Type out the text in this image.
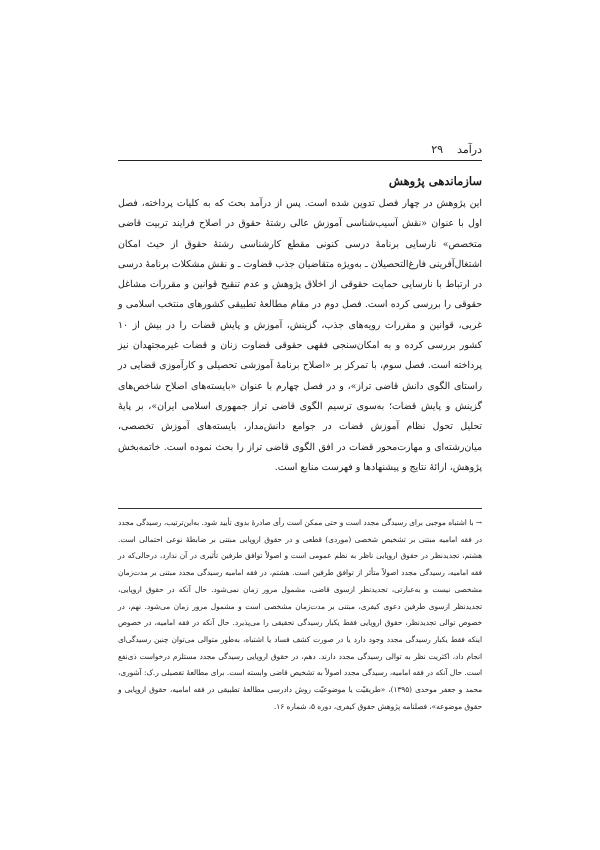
درآمد
۲۹
سازماندهی پژوهش

این پژوهش در چهار فصل تدوین شده است. پس از درآمد بحث که به کلیات پرداخته، فصل اول با عنوان «نقش آسیب‌شناسی آموزش عالی رشتهٔ حقوق در اصلاح فرایند تربیت قاضی متخصص» نارسایی برنامهٔ درسی کنونی مقطع کارشناسی رشتهٔ حقوق از حیث امکان اشتغال‌آفرینی فارغ‌التحصیلان ـ به‌ویژه متقاضیان جذب قضاوت ـ و نقش مشکلات برنامهٔ درسی در ارتباط با نارسایی حمایت حقوقی از اخلاق پژوهش و عدم تنقیح قوانین و مقررات مشاغل حقوقی را بررسی کرده است. فصل دوم در مقام مطالعهٔ تطبیقی کشورهای منتخب اسلامی و غربی، قوانین و مقررات رویه‌های جذب، گزینش، آموزش و پایش قضات را در بیش از ۱۰ کشور بررسی کرده و به امکان‌سنجی فقهی حقوقی قضاوت زنان و قضات غیرمجتهدان نیز پرداخته است. فصل سوم، با تمرکز بر «اصلاح برنامهٔ آموزشی تحصیلی و کارآموزی قضایی در راستای الگوی دانش قاضی تراز»، و در فصل چهارم با عنوان «بایسته‌های اصلاح شاخص‌های گزینش و پایش قضات؛ به‌سوی ترسیم الگوی قاضی تراز جمهوری اسلامی ایران»، بر پایهٔ تحلیل تحول نظام آموزش قضات در جوامع دانش‌مدار، بایسته‌های آموزش تخصصی، میان‌رشته‌ای و مهارت‌محور قضات در افق الگوی قاضی تراز را بحث نموده است. خاتمه‌بخش پژوهش، ارائهٔ نتایج و پیشنهادها و فهرست منابع است.

→ با اشتباه موجبی برای رسیدگی مجدد است و حتی ممکن است رأی صادرهٔ بدوی تأیید شود. به‌این‌ترتیب، رسیدگی مجدد در فقه امامیه مبتنی بر تشخیص شخصی (موردی) قطعی و در حقوق اروپایی مبتنی بر ضابطهٔ نوعی احتمالی است. هشتم، تجدیدنظر در حقوق اروپایی ناظر به نظم عمومی است و اصولاً توافق طرفین تأثیری در آن ندارد، درحالی‌که در فقه امامیه، رسیدگی مجدد اصولاً متأثر از توافق طرفین است. هشتم، در فقه امامیه رسیدگی مجدد مبتنی بر مدت‌زمان مشخصی نیست و به‌عبارتی، تجدیدنظر ازسوی قاضی، مشمول مرور زمان نمی‌شود. حال آنکه در حقوق اروپایی، تجدیدنظر ازسوی طرفین دعوی کیفری، مبتنی بر مدت‌زمان مشخصی است و مشمول مرور زمان می‌شود. نهم، در خصوص توالی تجدیدنظر، حقوق اروپایی فقط یکبار رسیدگی تحقیقی را می‌پذیرد. حال آنکه در فقه امامیه، در خصوص اینکه فقط یکبار رسیدگی مجدد وجود دارد یا در صورت کشف فساد یا اشتباه، به‌طور متوالی می‌توان چنین رسیدگی‌ای انجام داد، اکثریت نظر به توالی رسیدگی مجدد دارند. دهم، در حقوق اروپایی رسیدگی مجدد مستلزم درخواست ذی‌نفع است. حال آنکه در فقه امامیه، رسیدگی مجدد اصولاً به تشخیص قاضی وابسته است. برای مطالعهٔ تفصیلی ر.ک: آشوری، محمد و جعفر موحدی (۱۳۹۵)، «طریقیّت یا موضوعیّت روش دادرسی مطالعهٔ تطبیقی در فقه امامیه، حقوق اروپایی و حقوق موضوعه»، فصلنامه پژوهش حقوق کیفری، دوره ۵، شماره ۱۶.
